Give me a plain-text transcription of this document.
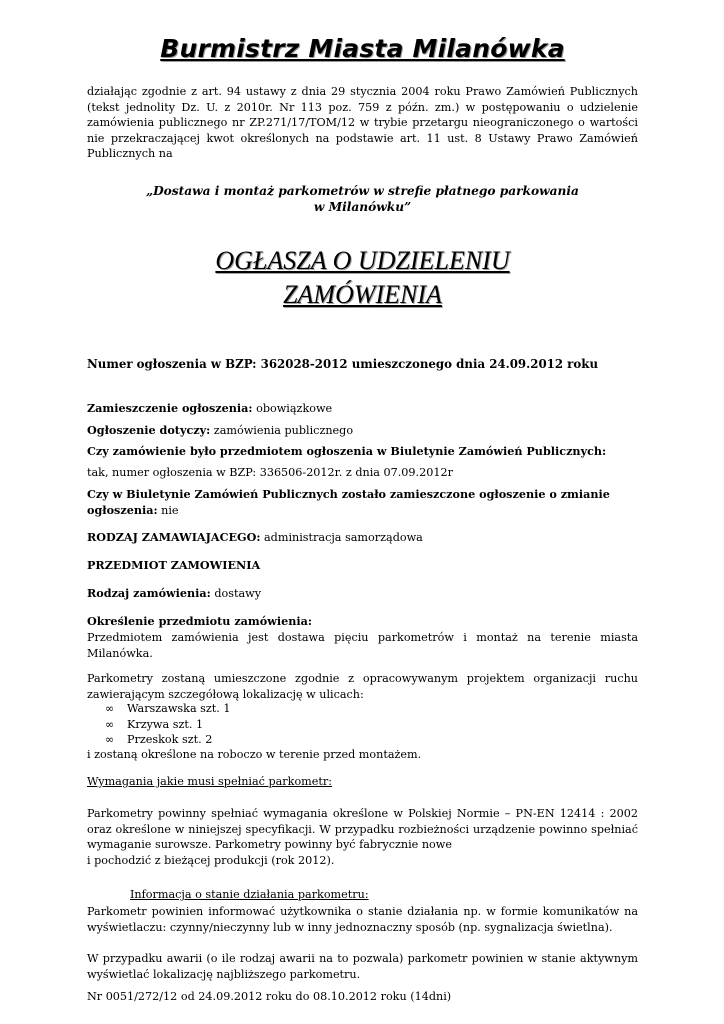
Burmistrz Miasta Milanówka
działając zgodnie z art. 94 ustawy z dnia 29 stycznia 2004 roku Prawo Zamówień Publicznych (tekst jednolity Dz. U. z 2010r. Nr 113 poz. 759 z późn. zm.) w postępowaniu o udzielenie zamówienia publicznego nr ZP.271/17/TOM/12 w trybie przetargu nieograniczonego o wartości nie przekraczającej kwot określonych na podstawie art. 11 ust. 8 Ustawy Prawo Zamówień Publicznych na
„Dostawa i montaż parkometrów w strefie płatnego parkowania
w Milanówku”
OGŁASZA O UDZIELENIU
ZAMÓWIENIA
Numer ogłoszenia w BZP: 362028-2012 umieszczonego dnia 24.09.2012 roku
Zamieszczenie ogłoszenia: obowiązkowe
Ogłoszenie dotyczy: zamówienia publicznego
Czy zamówienie było przedmiotem ogłoszenia w Biuletynie Zamówień Publicznych:
tak, numer ogłoszenia w BZP: 336506-2012r. z dnia 07.09.2012r
Czy w Biuletynie Zamówień Publicznych zostało zamieszczone ogłoszenie o zmianie ogłoszenia: nie
RODZAJ ZAMAWIAJACEGO: administracja samorządowa
PRZEDMIOT ZAMOWIENIA
Rodzaj zamówienia: dostawy
Określenie przedmiotu zamówienia:
Przedmiotem zamówienia jest dostawa pięciu parkometrów i montaż na terenie miasta Milanówka.
Parkometry zostaną umieszczone zgodnie z opracowywanym projektem organizacji ruchu zawierającym szczegółową lokalizację w ulicach:
∞	Warszawska szt. 1
∞	Krzywa szt. 1
∞	Przeskok szt. 2
i zostaną określone na roboczo w terenie przed montażem.
Wymagania jakie musi spełniać parkometr:
Parkometry powinny spełniać wymagania określone w Polskiej Normie – PN-EN 12414 : 2002 oraz określone w niniejszej specyfikacji. W przypadku rozbieżności urządzenie powinno spełniać wymaganie surowsze. Parkometry powinny być fabrycznie nowe
i pochodzić z bieżącej produkcji (rok 2012).
Informacja o stanie działania parkometru:
Parkometr powinien informować użytkownika o stanie działania np. w formie komunikatów na wyświetlaczu: czynny/nieczynny lub w inny jednoznaczny sposób (np. sygnalizacja świetlna).
W przypadku awarii (o ile rodzaj awarii na to pozwala) parkometr powinien w stanie aktywnym wyświetlać lokalizację najbliższego parkometru.
Nr 0051/272/12 od 24.09.2012 roku do 08.10.2012 roku (14dni)
